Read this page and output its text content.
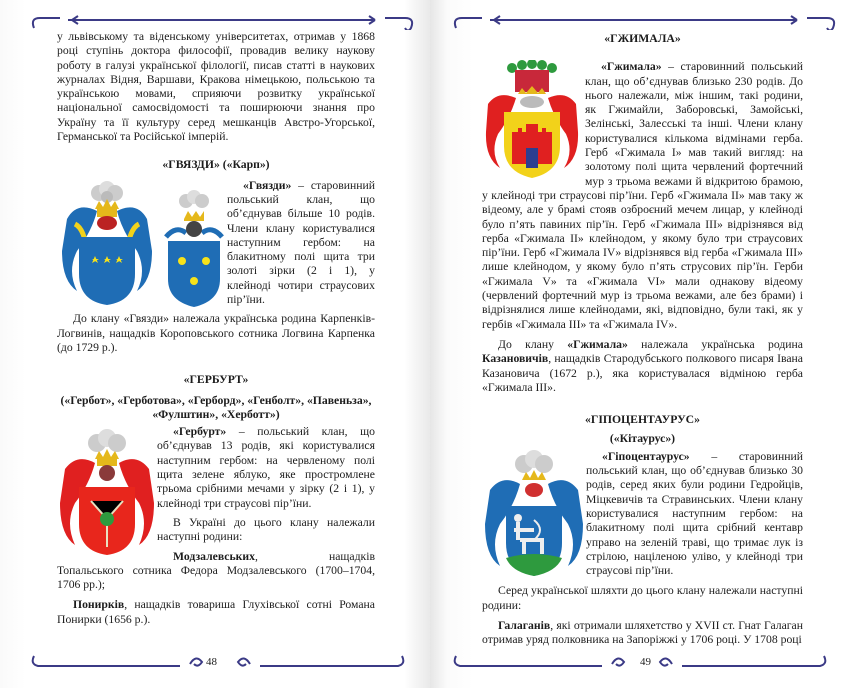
у львівському та віденському університетах, отримав у 1868 році ступінь доктора философії, провадив велику наукову роботу в галузі української філології, писав статті в наукових журналах Відня, Варшави, Кракова німецькою, польською та українською мовами, сприяючи розвитку української національної самосвідомості та поширюючи знання про Україну та її культуру серед мешканців Австро-Угорської, Германської та Російської імперій.

«ГВЯЗДИ» («Карп»)

«Гвязди» – старовинний польський клан, що об’єднував більше 10 родів. Члени клану користувалися наступним гербом: на блакитному полі щита три золоті зірки (2 і 1), у клейноді чотири страусових пір’їни.

До клану «Гвязди» належала українська родина Карпенків-Логвинів, нащадків Короповського сотника Логвина Карпенка (до 1729 р.).

«ГЕРБУРТ»

(«Гербот», «Герботова», «Герборд», «Генболт», «Павеньза», «Фулштин», «Херботт»)

«Гербурт» – польський клан, що об’єднував 13 родів, які користувалися наступним гербом: на червленому полі щита зелене яблуко, яке простромлене трьома срібними мечами у зірку (2 і 1), у клейноді три страусові пір’їни.

В Україні до цього клану належали наступні родини:

Модзалевських, нащадків Топальського сотника Федора Модзалевського (1700–1704, 1706 рр.);

Понирків, нащадків товариша Глухівської сотні Романа Понирки (1656 р.).

48

«ГЖИМАЛА»

«Гжимала» – старовинний польський клан, що об’єднував близько 230 родів. До нього належали, між іншим, такі родини, як Гжимайли, Заборовські, Замойські, Зелінські, Залесські та інші. Члени клану користувалися кількома відмінами герба. Герб «Гжимала І» мав такий вигляд: на золотому полі щита червлений фортечний мур з трьома вежами й відкритою брамою, у клейноді три страусові пір’їни. Герб «Гжимала ІІ» мав таку ж відеому, але у брамі стояв озброєний мечем лицар, у клейноді було п’ять павиних пір’їн. Герб «Гжимала ІІІ» відрізнявся від герба «Гжимала ІІ» клейнодом, у якому було три страусових пір’їни. Герб «Гжимала IV» відрізнявся від герба «Гжимала ІІІ» лише клейнодом, у якому було п’ять струсових пір’їн. Герби «Гжимала V» та «Гжимала VI» мали однакову відеому (червлений фортечний мур із трьома вежами, але без брами) і відрізнялися лише клейнодами, які, відповідно, були такі, як у гербів «Гжимала ІІІ» та «Гжимала IV».

До клану «Гжимала» належала українська родина Казановичів, нащадків Стародубського полкового писаря Івана Казановича (1672 р.), яка користувалася відміною герба «Гжимала ІІІ».

«ГІПОЦЕНТАУРУС»

(«Кітаурус»)

«Гіпоцентаурус» – старовинний польський клан, що об’єднував близько 30 родів, серед яких були родини Гедройців, Міцкевичів та Стравинських. Члени клану користувалися наступним гербом: на блакитному полі щита срібний кентавр управо на зеленій траві, що тримає лук із стрілою, націленою уліво, у клейноді три страусові пір’їни.

Серед української шляхти до цього клану належали наступні родини:

Галаганів, які отримали шляхетство у XVII ст. Гнат Галаган отримав уряд полковника на Запоріжжі у 1706 році. У 1708 році

49
